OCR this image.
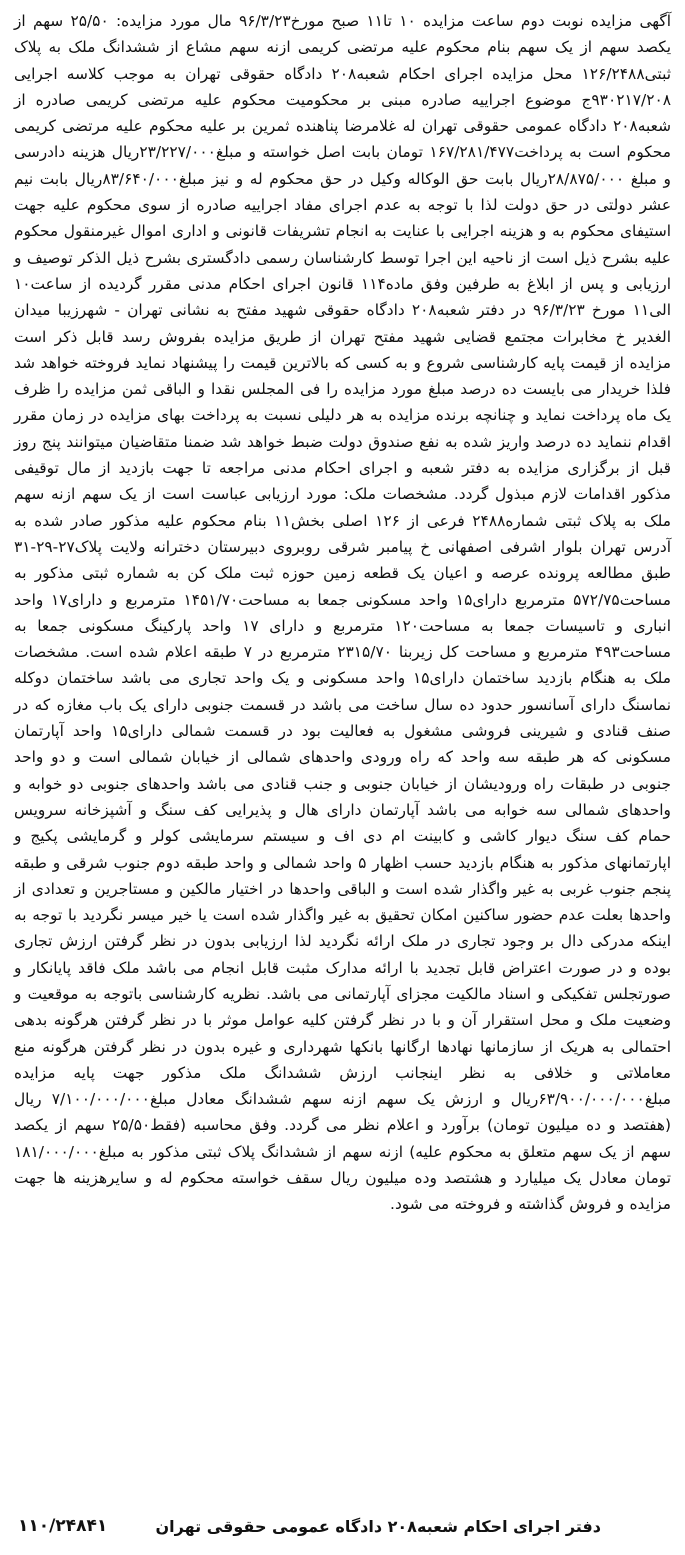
آگهی مزایده نوبت دوم ساعت مزایده ۱۰ تا۱۱ صبح مورخ۹۶/۳/۲۳ مال مورد مزایده: ۲۵/۵۰ سهم از یکصد سهم از یک سهم بنام محکوم علیه مرتضی کریمی ازنه سهم مشاع از ششدانگ ملک به پلاک ثبتی۱۲۶/۲۴۸۸ محل مزایده اجرای احکام شعبه۲۰۸ دادگاه حقوقی تهران به موجب کلاسه اجرایی ۹۳۰۲۱۷/۲۰۸ج موضوع اجراییه صادره مبنی بر محکومیت محکوم علیه مرتضی کریمی صادره از شعبه۲۰۸ دادگاه عمومی حقوقی تهران له غلامرضا پناهنده ثمرین بر علیه محکوم علیه مرتضی کریمی محکوم است به پرداخت۱۶۷/۲۸۱/۴۷۷ تومان بابت اصل خواسته و مبلغ۲۳/۲۲۷/۰۰۰ریال هزینه دادرسی و مبلغ ۲۸/۸۷۵/۰۰۰ریال بابت حق الوکاله وکیل در حق محکوم له و نیز مبلغ۸۳/۶۴۰/۰۰۰ریال بابت نیم عشر دولتی در حق دولت لذا با توجه به عدم اجرای مفاد اجراییه صادره از سوی محکوم علیه جهت استیفای محکوم به و هزینه اجرایی با عنایت به انجام تشریفات قانونی و اداری اموال غیرمنقول محکوم علیه بشرح ذیل است از ناحیه این اجرا توسط کارشناسان رسمی دادگستری بشرح ذیل الذکر توصیف و ارزیابی و پس از ابلاغ به طرفین وفق ماده۱۱۴ قانون اجرای احکام مدنی مقرر گردیده از ساعت۱۰ الی۱۱ مورخ ۹۶/۳/۲۳ در دفتر شعبه۲۰۸ دادگاه حقوقی شهید مفتح به نشانی تهران - شهرزیبا میدان الغدیر خ مخابرات مجتمع قضایی شهید مفتح تهران از طریق مزایده بفروش رسد قابل ذکر است مزایده از قیمت پایه کارشناسی شروع و به کسی که بالاترین قیمت را پیشنهاد نماید فروخته خواهد شد فلذا خریدار می بایست ده درصد مبلغ مورد مزایده را فی المجلس نقدا و الباقی ثمن مزایده را ظرف یک ماه پرداخت نماید و چنانچه برنده مزایده به هر دلیلی نسبت به پرداخت بهای مزایده در زمان مقرر اقدام ننماید ده درصد واریز شده به نفع صندوق دولت ضبط خواهد شد ضمنا متقاضیان میتوانند پنج روز قبل از برگزاری مزایده به دفتر شعبه و اجرای احکام مدنی مراجعه تا جهت بازدید از مال توقیفی مذکور اقدامات لازم مبذول گردد. مشخصات ملک: مورد ارزیابی عباست است از یک سهم ازنه سهم ملک به پلاک ثبتی شماره۲۴۸۸ فرعی از ۱۲۶ اصلی بخش۱۱ بنام محکوم علیه مذکور صادر شده به آدرس تهران بلوار اشرفی اصفهانی خ پیامبر شرقی روبروی دبیرستان دخترانه ولایت پلاک۲۷-۲۹-۳۱ طبق مطالعه پرونده عرصه و اعیان یک قطعه زمین حوزه ثبت ملک کن به شماره ثبتی مذکور به مساحت۵۷۲/۷۵ مترمربع دارای۱۵ واحد مسکونی جمعا به مساحت۱۴۵۱/۷۰ مترمربع و دارای۱۷ واحد انباری و تاسیسات جمعا به مساحت۱۲۰ مترمربع و دارای ۱۷ واحد پارکینگ مسکونی جمعا به مساحت۴۹۳ مترمربع و مساحت کل زیربنا ۲۳۱۵/۷۰ مترمربع در ۷ طبقه اعلام شده است. مشخصات ملک به هنگام بازدید ساختمان دارای۱۵ واحد مسکونی و یک واحد تجاری می باشد ساختمان دوکله نماسنگ دارای آسانسور حدود ده سال ساخت می باشد در قسمت جنوبی دارای یک باب مغازه که در صنف قنادی و شیرینی فروشی مشغول به فعالیت بود در قسمت شمالی دارای۱۵ واحد آپارتمان مسکونی که هر طبقه سه واحد که راه ورودی واحدهای شمالی از خیابان شمالی است و دو واحد جنوبی در طبقات راه ورودیشان از خیابان جنوبی و جنب قنادی می باشد واحدهای جنوبی دو خوابه و واحدهای شمالی سه خوابه می باشد آپارتمان دارای هال و پذیرایی کف سنگ و آشپزخانه سرویس حمام کف سنگ دیوار کاشی و کابینت ام دی اف و سیستم سرمایشی کولر و گرمایشی پکیج و اپارتمانهای مذکور به هنگام بازدید حسب اظهار ۵ واحد شمالی و واحد طبقه دوم جنوب شرقی و طبقه پنجم جنوب غربی به غیر واگذار شده است و الباقی واحدها در اختیار مالکین و مستاجرین و تعدادی از واحدها بعلت عدم حضور ساکنین امکان تحقیق به غیر واگذار شده است یا خیر میسر نگردید با توجه به اینکه مدرکی دال بر وجود تجاری در ملک ارائه نگردید لذا ارزیابی بدون در نظر گرفتن ارزش تجاری بوده و در صورت اعتراض قابل تجدید با ارائه مدارک مثبت قابل انجام می باشد ملک فاقد پایانکار و صورتجلس تفکیکی و اسناد مالکیت مجزای آپارتمانی می باشد. نظریه کارشناسی باتوجه به موقعیت و وضعیت ملک و محل استقرار آن و با در نظر گرفتن کلیه عوامل موثر با در نظر گرفتن هرگونه بدهی احتمالی به هریک از سازمانها نهادها ارگانها بانکها شهرداری و غیره بدون در نظر گرفتن هرگونه منع معاملاتی و خلافی به نظر اینجانب ارزش ششدانگ ملک مذکور جهت پایه مزایده مبلغ۶۳/۹۰۰/۰۰۰/۰۰۰ریال و ارزش یک سهم ازنه سهم ششدانگ معادل مبلغ۷/۱۰۰/۰۰۰/۰۰۰ ریال (هفتصد و ده میلیون تومان) برآورد و اعلام نظر می گردد. وفق محاسبه (فقط۲۵/۵۰ سهم از یکصد سهم از یک سهم متعلق به محکوم علیه) ازنه سهم از ششدانگ پلاک ثبتی مذکور به مبلغ۱۸۱/۰۰۰/۰۰۰ تومان معادل یک میلیارد و هشتصد وده میلیون ریال سقف خواسته محکوم له و سایرهزینه ها جهت مزایده و فروش گذاشته و فروخته می شود.

دفتر اجرای احکام شعبه۲۰۸ دادگاه عمومی حقوقی تهران
۱۱۰/۲۴۸۴۱
